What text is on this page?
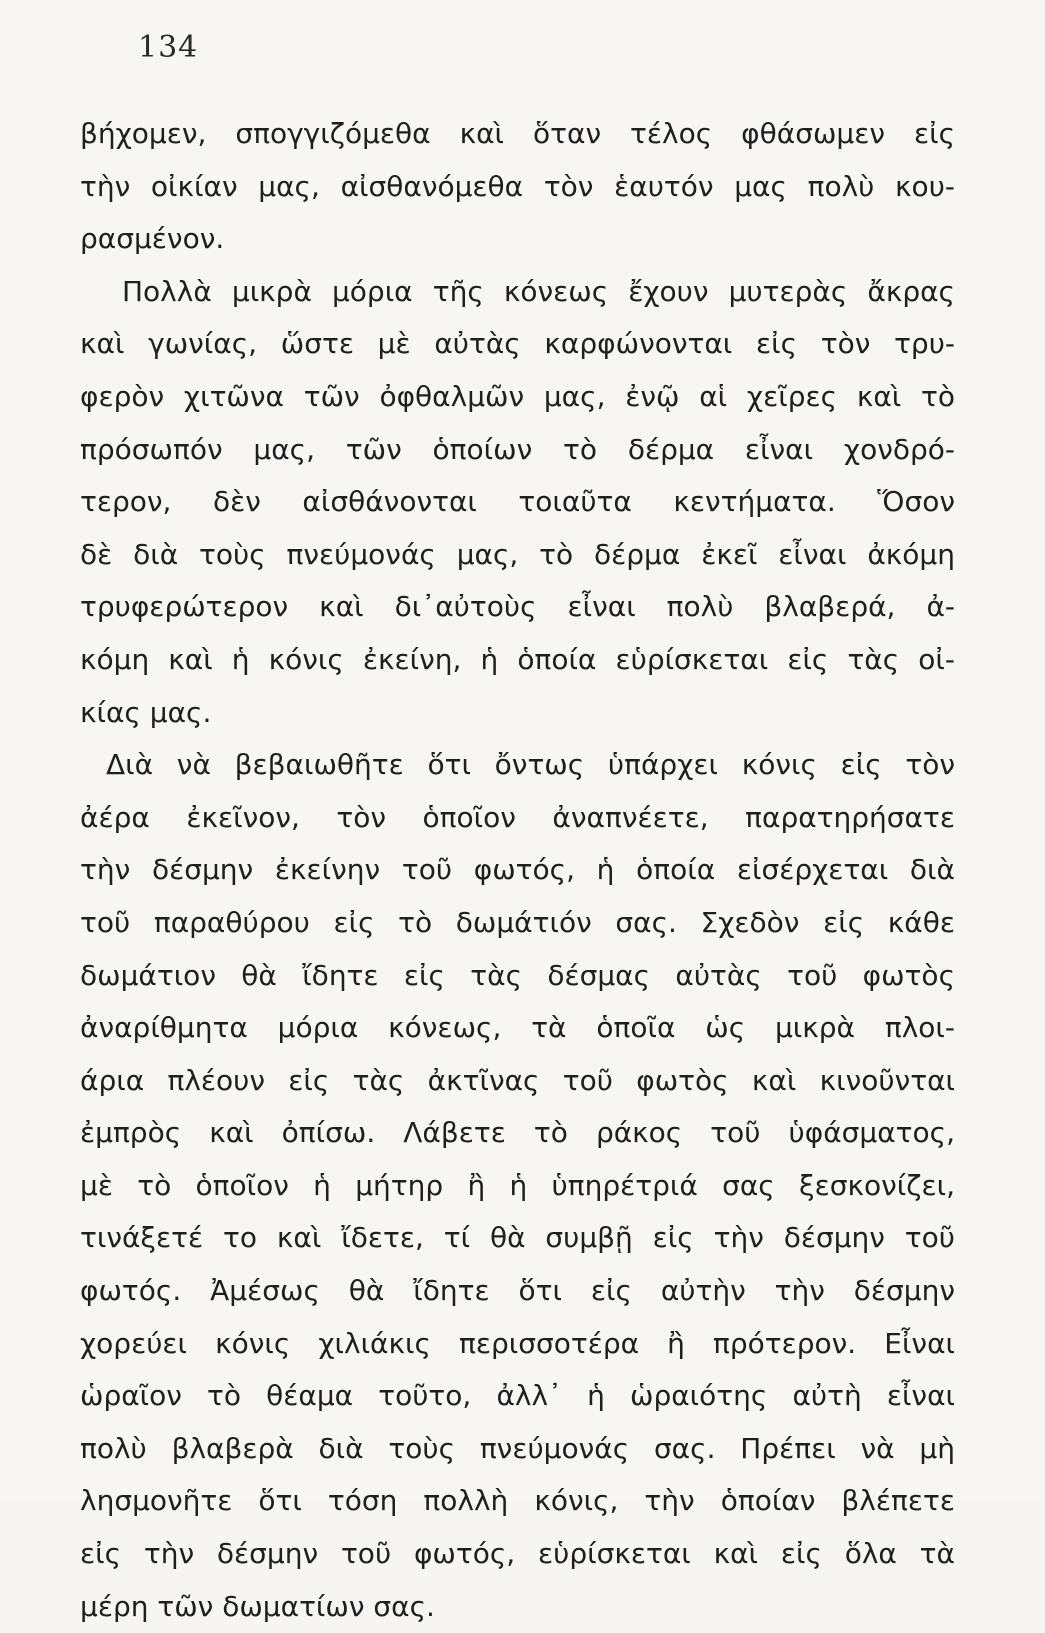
134
βήχομεν, σπογγιζόμεθα καὶ ὅταν τέλος φθάσωμεν εἰς
τὴν οἰκίαν μας, αἰσθανόμεθα τὸν ἑαυτόν μας πολὺ κου-
ρασμένον.
Πολλὰ μικρὰ μόρια τῆς κόνεως ἔχουν μυτερὰς ἄκρας
καὶ γωνίας, ὥστε μὲ αὐτὰς καρφώνονται εἰς τὸν τρυ-
φερὸν χιτῶνα τῶν ὀφθαλμῶν μας, ἐνῷ αἱ χεῖρες καὶ τὸ
πρόσωπόν μας, τῶν ὁποίων τὸ δέρμα εἶναι χονδρό-
τερον, δὲν αἰσθάνονται τοιαῦτα κεντήματα. Ὅσον
δὲ διὰ τοὺς πνεύμονάς μας, τὸ δέρμα ἐκεῖ εἶναι ἀκόμη
τρυφερώτερον καὶ δι᾽αὐτοὺς εἶναι πολὺ βλαβερά, ἀ-
κόμη καὶ ἡ κόνις ἐκείνη, ἡ ὁποία εὑρίσκεται εἰς τὰς οἰ-
κίας μας.
Διὰ νὰ βεβαιωθῆτε ὅτι ὄντως ὑπάρχει κόνις εἰς τὸν
ἀέρα ἐκεῖνον, τὸν ὁποῖον ἀναπνέετε, παρατηρήσατε
τὴν δέσμην ἐκείνην τοῦ φωτός, ἡ ὁποία εἰσέρχεται διὰ
τοῦ παραθύρου εἰς τὸ δωμάτιόν σας. Σχεδὸν εἰς κάθε
δωμάτιον θὰ ἴδητε εἰς τὰς δέσμας αὐτὰς τοῦ φωτὸς
ἀναρίθμητα μόρια κόνεως, τὰ ὁποῖα ὡς μικρὰ πλοι-
άρια πλέουν εἰς τὰς ἀκτῖνας τοῦ φωτὸς καὶ κινοῦνται
ἐμπρὸς καὶ ὀπίσω. Λάβετε τὸ ράκος τοῦ ὑφάσματος,
μὲ τὸ ὁποῖον ἡ μήτηρ ἢ ἡ ὑπηρέτριά σας ξεσκονίζει,
τινάξετέ το καὶ ἴδετε, τί θὰ συμβῇ εἰς τὴν δέσμην τοῦ
φωτός. Ἀμέσως θὰ ἴδητε ὅτι εἰς αὐτὴν τὴν δέσμην
χορεύει κόνις χιλιάκις περισσοτέρα ἢ πρότερον. Εἶναι
ὡραῖον τὸ θέαμα τοῦτο, ἀλλ᾽ ἡ ὡραιότης αὐτὴ εἶναι
πολὺ βλαβερὰ διὰ τοὺς πνεύμονάς σας. Πρέπει νὰ μὴ
λησμονῆτε ὅτι τόση πολλὴ κόνις, τὴν ὁποίαν βλέπετε
εἰς τὴν δέσμην τοῦ φωτός, εὑρίσκεται καὶ εἰς ὅλα τὰ
μέρη τῶν δωματίων σας.
